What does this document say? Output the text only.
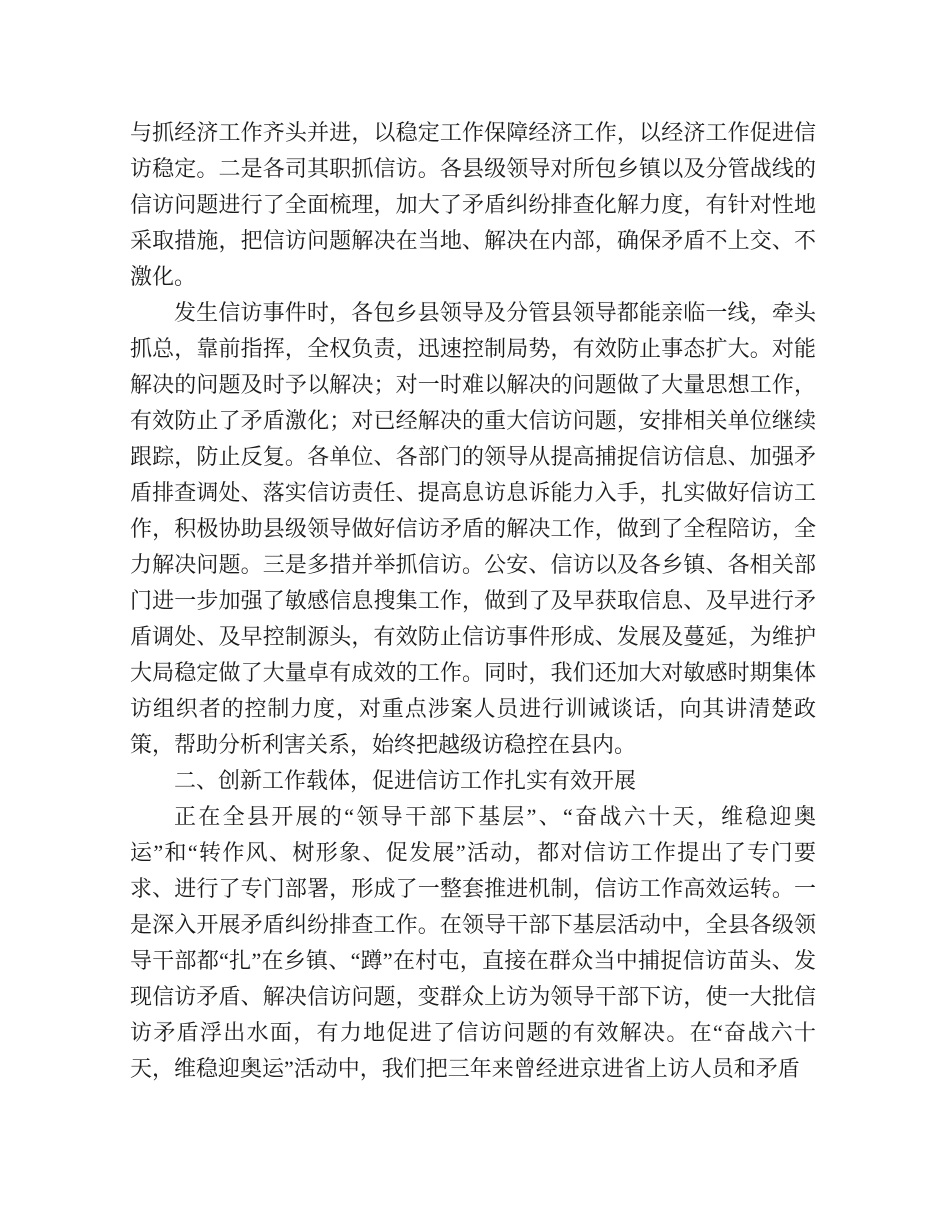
与抓经济工作齐头并进，以稳定工作保障经济工作，以经济工作促进信访稳定。二是各司其职抓信访。各县级领导对所包乡镇以及分管战线的信访问题进行了全面梳理，加大了矛盾纠纷排查化解力度，有针对性地采取措施，把信访问题解决在当地、解决在内部，确保矛盾不上交、不激化。

发生信访事件时，各包乡县领导及分管县领导都能亲临一线，牵头抓总，靠前指挥，全权负责，迅速控制局势，有效防止事态扩大。对能解决的问题及时予以解决；对一时难以解决的问题做了大量思想工作，有效防止了矛盾激化；对已经解决的重大信访问题，安排相关单位继续跟踪，防止反复。各单位、各部门的领导从提高捕捉信访信息、加强矛盾排查调处、落实信访责任、提高息访息诉能力入手，扎实做好信访工作，积极协助县级领导做好信访矛盾的解决工作，做到了全程陪访，全力解决问题。三是多措并举抓信访。公安、信访以及各乡镇、各相关部门进一步加强了敏感信息搜集工作，做到了及早获取信息、及早进行矛盾调处、及早控制源头，有效防止信访事件形成、发展及蔓延，为维护大局稳定做了大量卓有成效的工作。同时，我们还加大对敏感时期集体访组织者的控制力度，对重点涉案人员进行训诫谈话，向其讲清楚政策，帮助分析利害关系，始终把越级访稳控在县内。

二、创新工作载体，促进信访工作扎实有效开展

正在全县开展的“领导干部下基层”、“奋战六十天，维稳迎奥运”和“转作风、树形象、促发展”活动，都对信访工作提出了专门要求、进行了专门部署，形成了一整套推进机制，信访工作高效运转。一是深入开展矛盾纠纷排查工作。在领导干部下基层活动中，全县各级领导干部都“扎”在乡镇、“蹲”在村屯，直接在群众当中捕捉信访苗头、发现信访矛盾、解决信访问题，变群众上访为领导干部下访，使一大批信访矛盾浮出水面，有力地促进了信访问题的有效解决。在“奋战六十天，维稳迎奥运”活动中，我们把三年来曾经进京进省上访人员和矛盾
